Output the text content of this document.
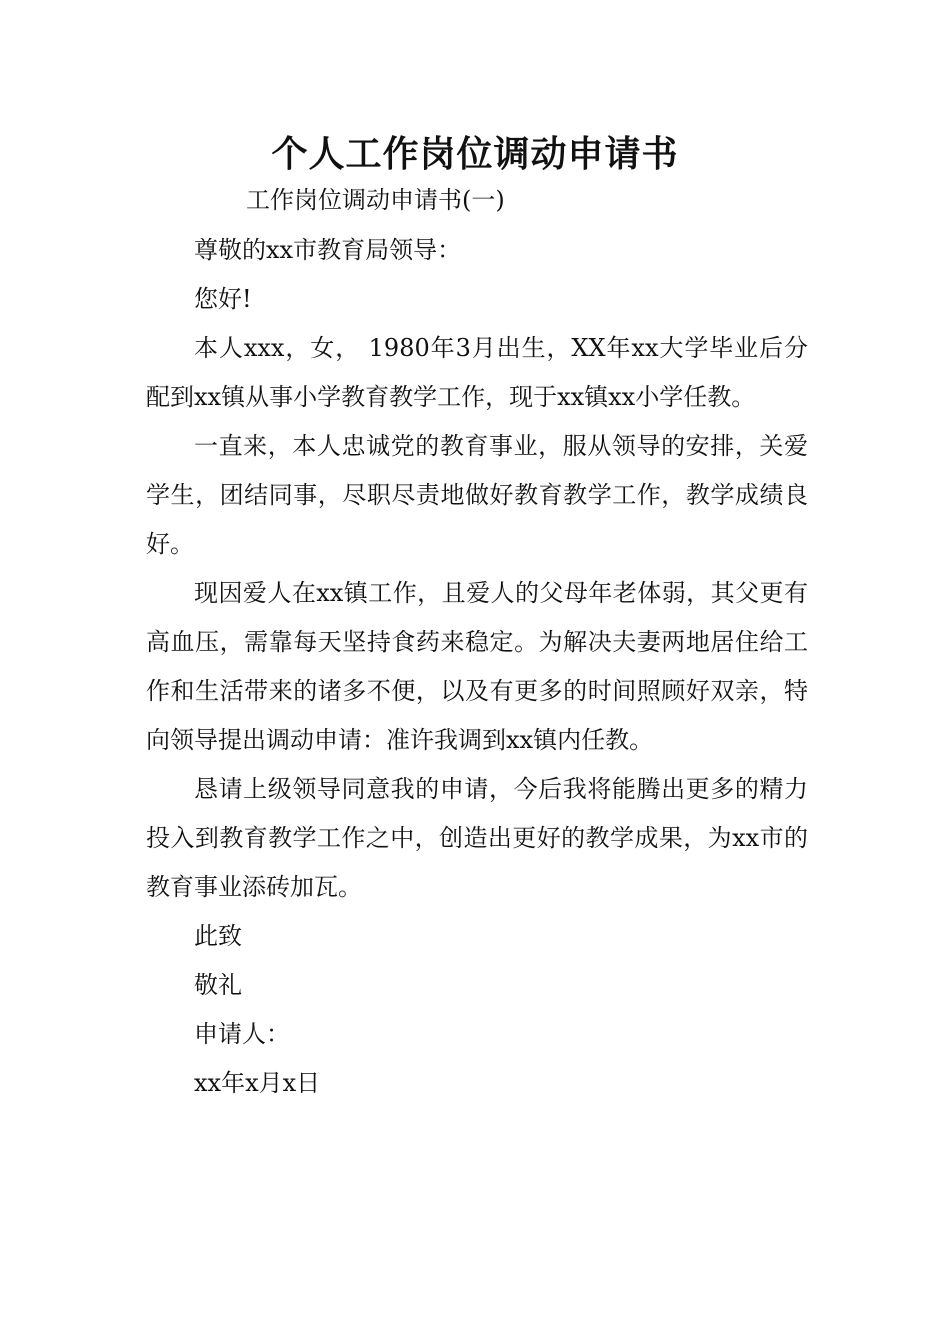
个人工作岗位调动申请书
工作岗位调动申请书(一)

尊敬的xx市教育局领导：

您好!

本人xxx，女， 1980年3月出生，XX年xx大学毕业后分配到xx镇从事小学教育教学工作，现于xx镇xx小学任教。

一直来，本人忠诚党的教育事业，服从领导的安排，关爱学生，团结同事，尽职尽责地做好教育教学工作，教学成绩良好。

现因爱人在xx镇工作，且爱人的父母年老体弱，其父更有高血压，需靠每天坚持食药来稳定。为解决夫妻两地居住给工作和生活带来的诸多不便，以及有更多的时间照顾好双亲，特向领导提出调动申请：准许我调到xx镇内任教。

恳请上级领导同意我的申请，今后我将能腾出更多的精力投入到教育教学工作之中，创造出更好的教学成果，为xx市的教育事业添砖加瓦。

此致

敬礼

申请人：

xx年x月x日
